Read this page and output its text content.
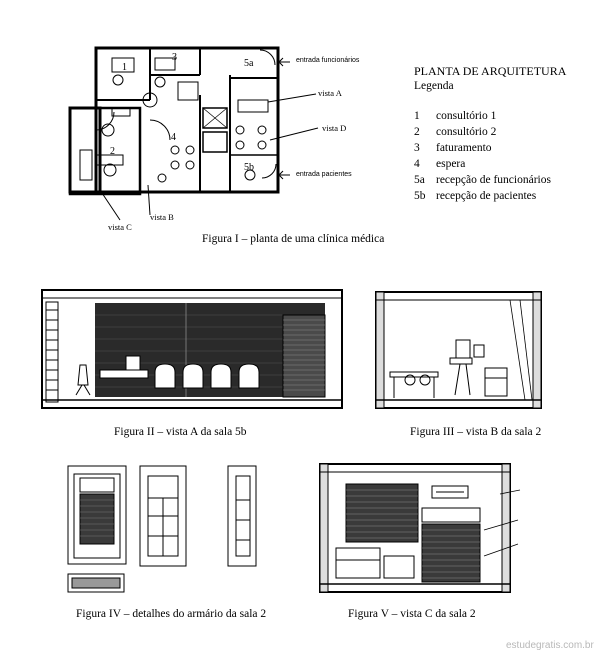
1
2
3
4
5a
5b
entrada funcionários
entrada pacientes
vista A
vista D
vista B
vista C
Figura I – planta de uma clínica médica
PLANTA DE ARQUITETURA
Legenda
1 consultório 1
2 consultório 2
3 faturamento
4 espera
5a recepção de funcionários
5b recepção de pacientes
Figura II – vista A da sala 5b	Figura III – vista B da sala 2
Figura IV – detalhes do armário da sala 2	Figura V – vista C da sala 2
estudegratis.com.br
